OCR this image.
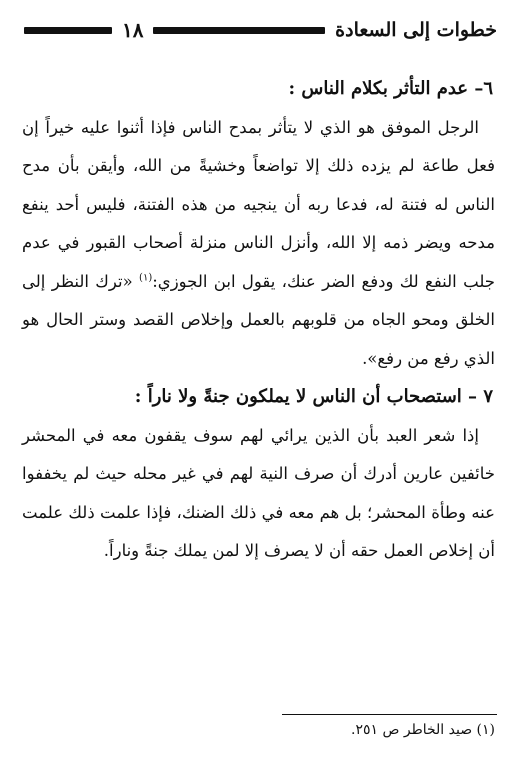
خطوات إلى السعادة
١٨

٦– عدم التأثر بكلام الناس :

الرجل الموفق هو الذي لا يتأثر بمدح الناس فإذا أثنوا عليه خيراً إن فعل طاعة لم يزده ذلك إلا تواضعاً وخشيةً من الله، وأيقن بأن مدح الناس له فتنة له، فدعا ربه أن ينجيه من هذه الفتنة، فليس أحد ينفع مدحه ويضر ذمه إلا الله، وأنزل الناس منزلة أصحاب القبور في عدم جلب النفع لك ودفع الضر عنك، يقول ابن الجوزي:$^{(١)}$ «ترك النظر إلى الخلق ومحو الجاه من قلوبهم بالعمل وإخلاص القصد وستر الحال هو الذي رفع من رفع».

٧ – استصحاب أن الناس لا يملكون جنةً ولا ناراً :

إذا شعر العبد بأن الذين يرائي لهم سوف يقفون معه في المحشر خائفين عارين أدرك أن صرف النية لهم في غير محله حيث لم يخففوا عنه وطأة المحشر؛ بل هم معه في ذلك الضنك، فإذا علمت ذلك علمت أن إخلاص العمل حقه أن لا يصرف إلا لمن يملك جنةً وناراً.

(١) صيد الخاطر ص ٢٥١.
